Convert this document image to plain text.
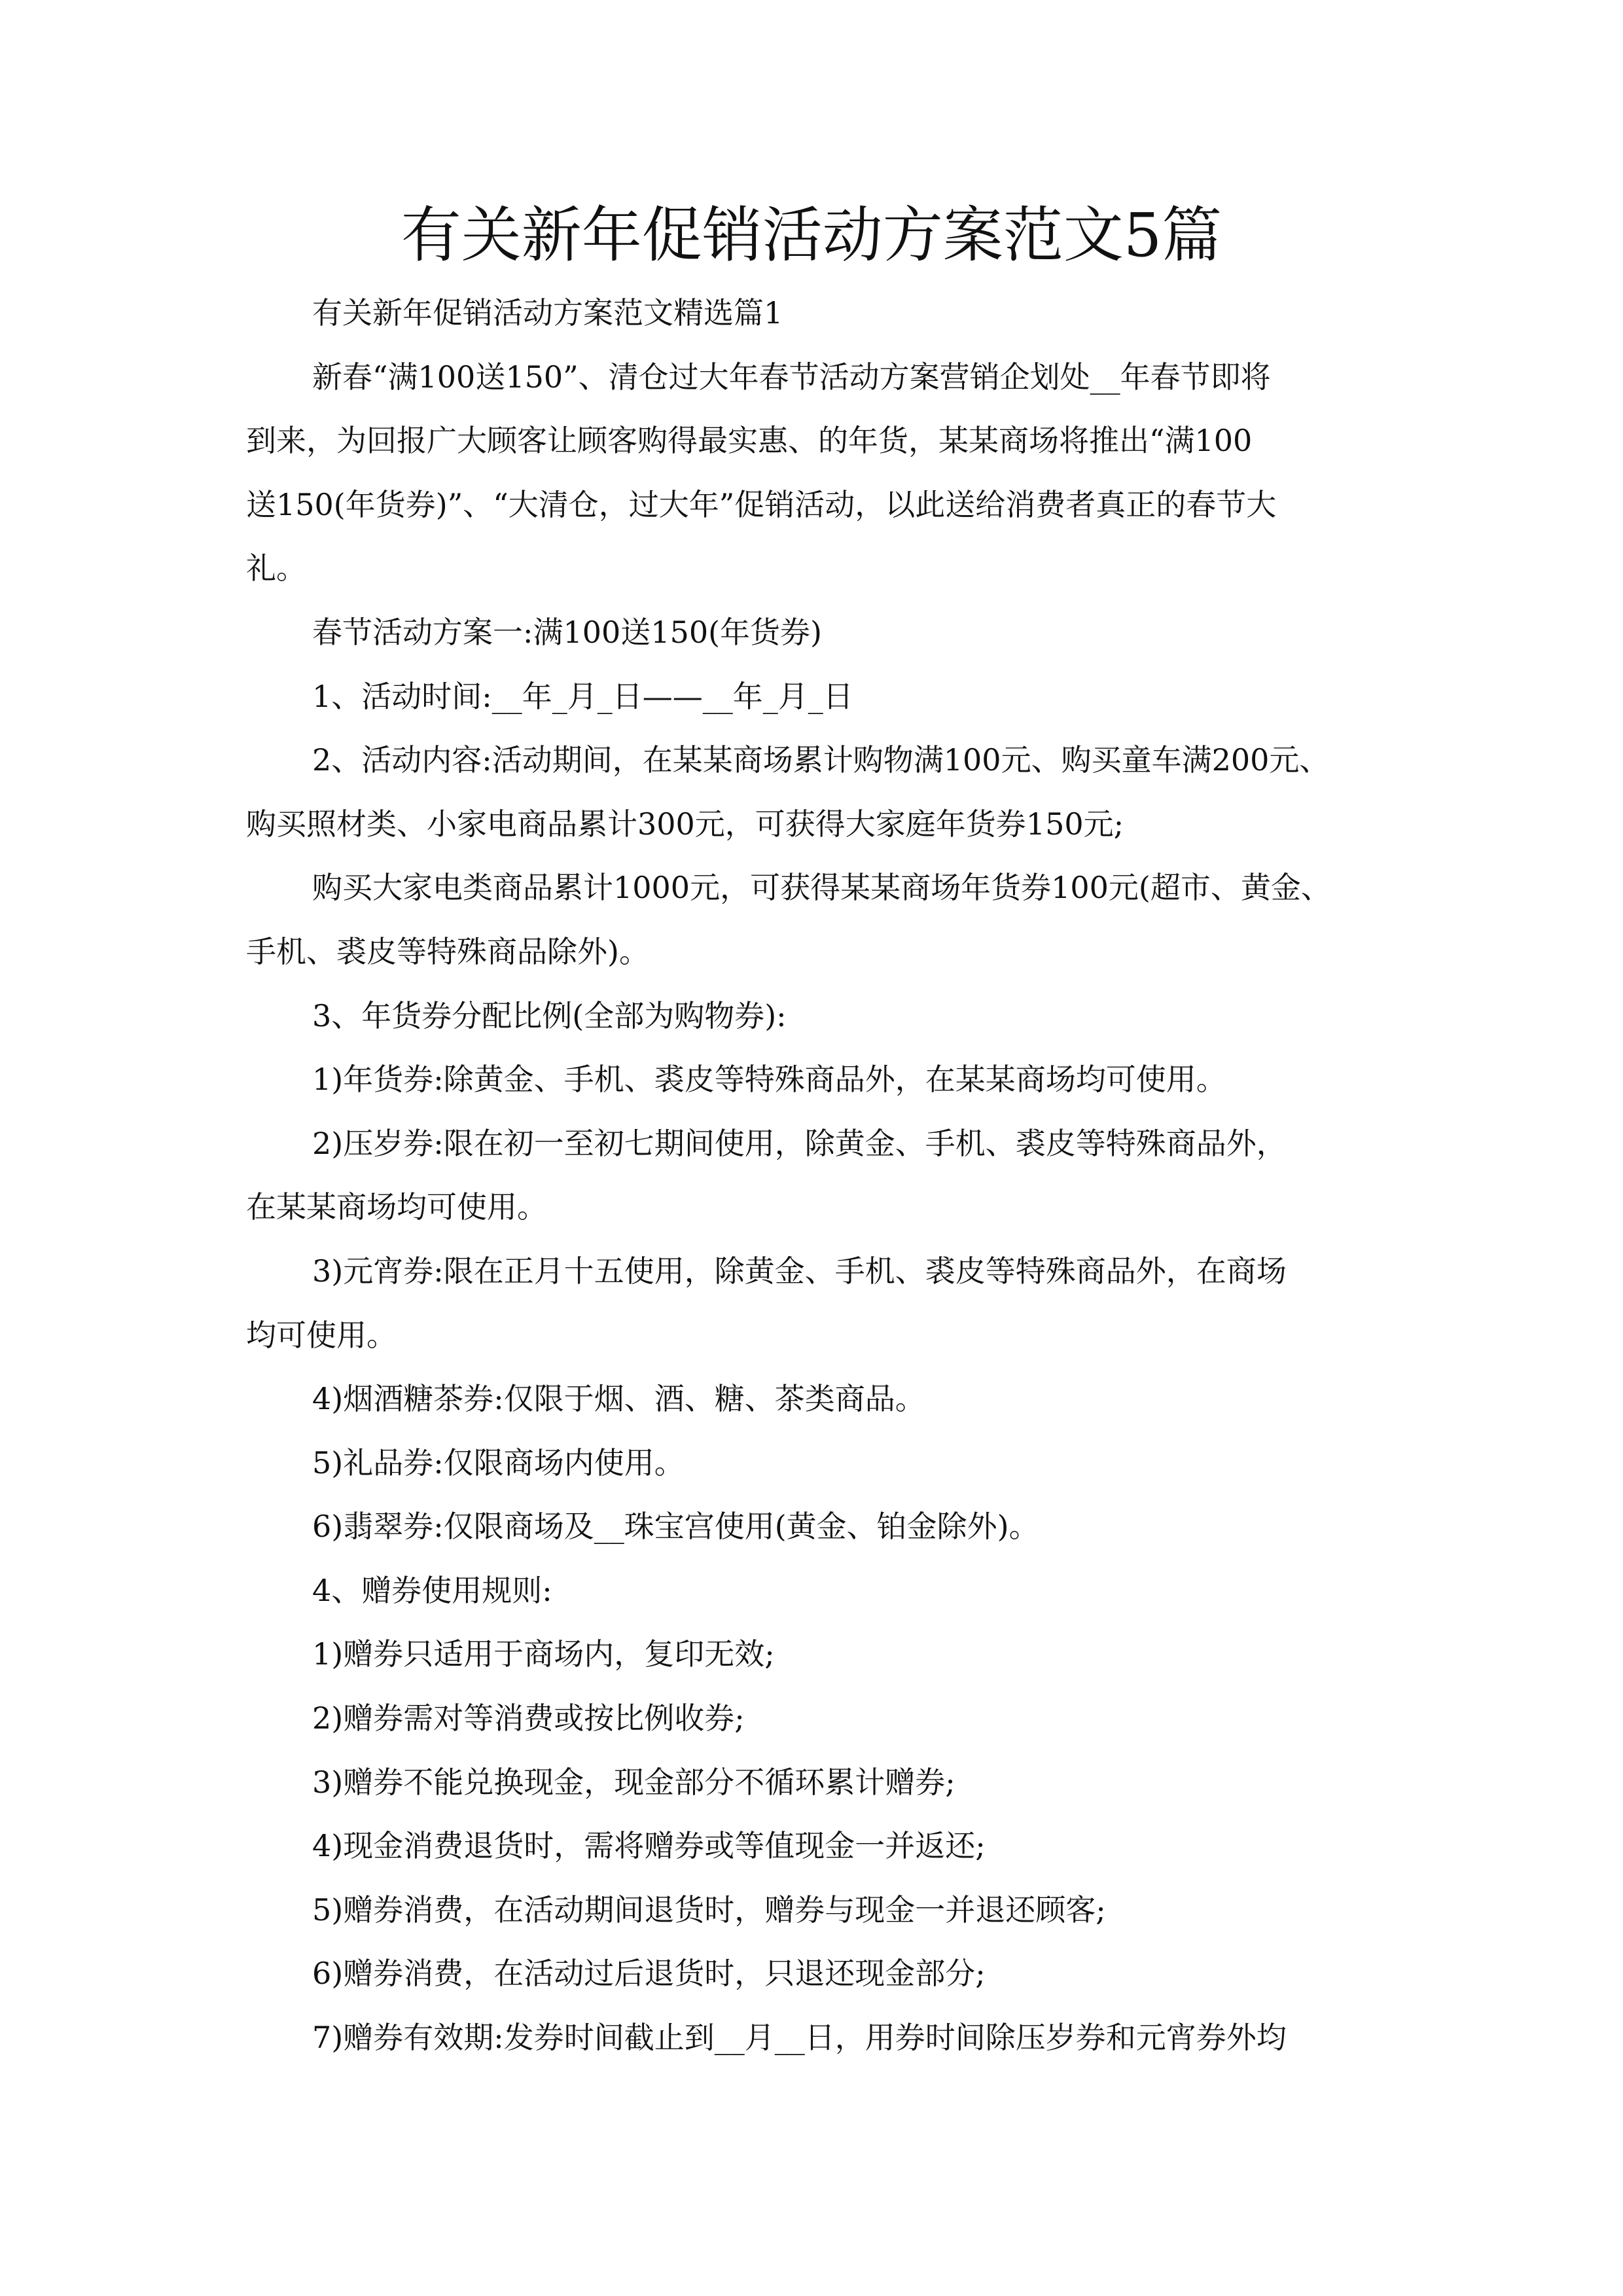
有关新年促销活动方案范文5篇
有关新年促销活动方案范文精选篇1
新春“满100送150”、清仓过大年春节活动方案营销企划处__年春节即将
到来，为回报广大顾客让顾客购得最实惠、的年货，某某商场将推出“满100
送150(年货券)”、“大清仓，过大年”促销活动，以此送给消费者真正的春节大
礼。
春节活动方案一:满100送150(年货券)
1、活动时间:__年_月_日——__年_月_日
2、活动内容:活动期间，在某某商场累计购物满100元、购买童车满200元、
购买照材类、小家电商品累计300元，可获得大家庭年货券150元;
购买大家电类商品累计1000元，可获得某某商场年货券100元(超市、黄金、
手机、裘皮等特殊商品除外)。
3、年货券分配比例(全部为购物券):
1)年货券:除黄金、手机、裘皮等特殊商品外，在某某商场均可使用。
2)压岁券:限在初一至初七期间使用，除黄金、手机、裘皮等特殊商品外，
在某某商场均可使用。
3)元宵券:限在正月十五使用，除黄金、手机、裘皮等特殊商品外，在商场
均可使用。
4)烟酒糖茶券:仅限于烟、酒、糖、茶类商品。
5)礼品券:仅限商场内使用。
6)翡翠券:仅限商场及__珠宝宫使用(黄金、铂金除外)。
4、赠券使用规则:
1)赠券只适用于商场内，复印无效;
2)赠券需对等消费或按比例收券;
3)赠券不能兑换现金，现金部分不循环累计赠券;
4)现金消费退货时，需将赠券或等值现金一并返还;
5)赠券消费，在活动期间退货时，赠券与现金一并退还顾客;
6)赠券消费，在活动过后退货时，只退还现金部分;
7)赠券有效期:发券时间截止到__月__日，用券时间除压岁券和元宵券外均
